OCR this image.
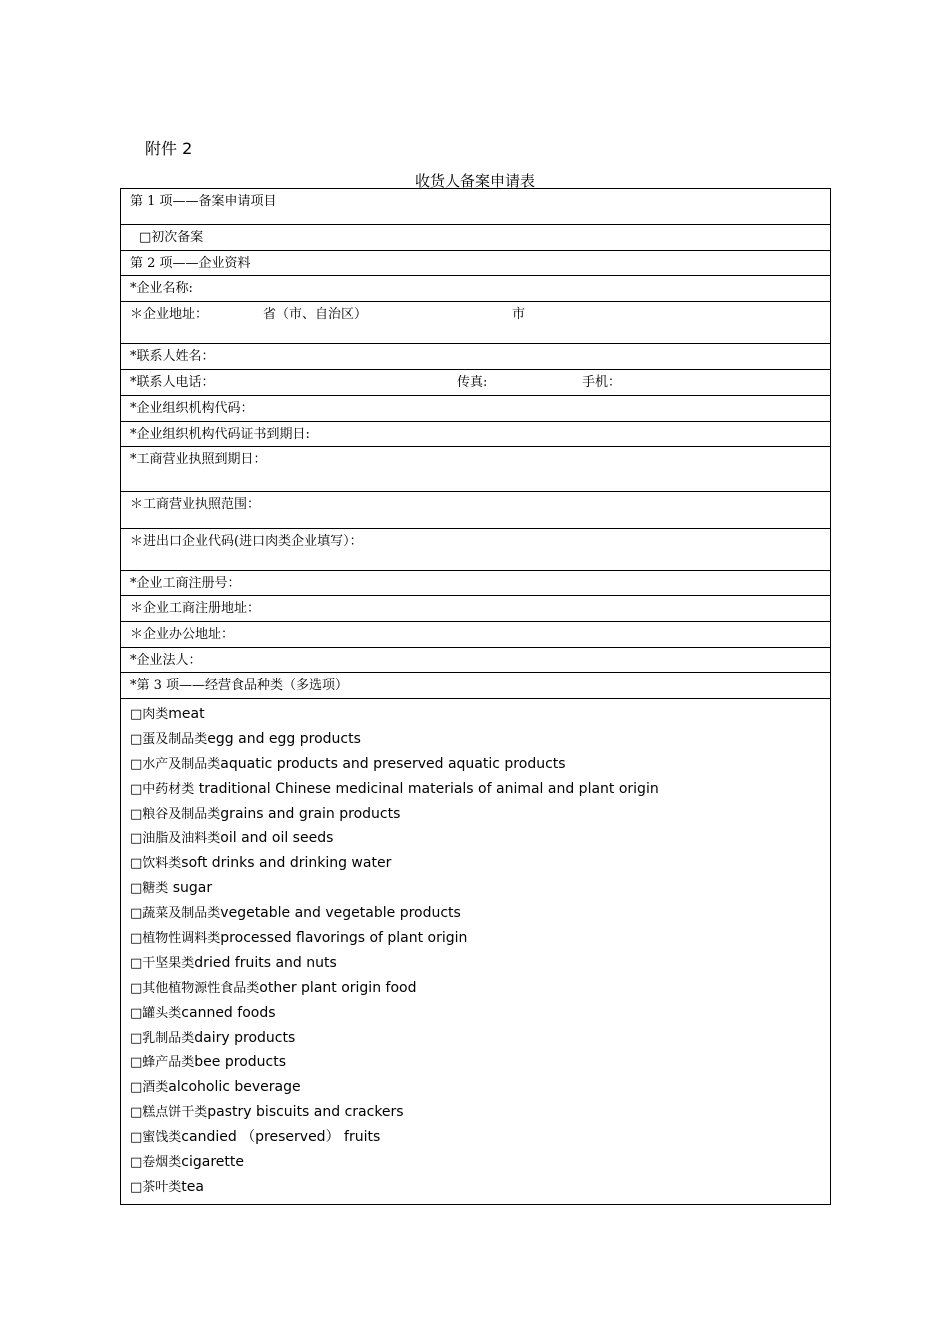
附件 2
收货人备案申请表
第 1 项——备案申请项目
□初次备案
第 2 项——企业资料
*企业名称:
＊企业地址：	省（市、自治区）	市
*联系人姓名：
*联系人电话：	传真:	手机：
*企业组织机构代码：
*企业组织机构代码证书到期日:
*工商营业执照到期日：
＊工商营业执照范围：
＊进出口企业代码(进口肉类企业填写）：
*企业工商注册号：
＊企业工商注册地址：
＊企业办公地址：
*企业法人：
*第 3 项——经营食品种类（多选项）
□肉类meat
□蛋及制品类egg and egg products
□水产及制品类aquatic products and preserved aquatic products
□中药材类 traditional Chinese medicinal materials of animal and plant origin
□粮谷及制品类grains and grain products
□油脂及油料类oil and oil seeds
□饮料类soft drinks and drinking water
□糖类 sugar
□蔬菜及制品类vegetable and vegetable products
□植物性调料类processed flavorings of plant origin
□干坚果类dried fruits and nuts
□其他植物源性食品类other plant origin food
□罐头类canned foods
□乳制品类dairy products
□蜂产品类bee products
□酒类alcoholic beverage
□糕点饼干类pastry biscuits and crackers
□蜜饯类candied （preserved） fruits
□卷烟类cigarette
□茶叶类tea
